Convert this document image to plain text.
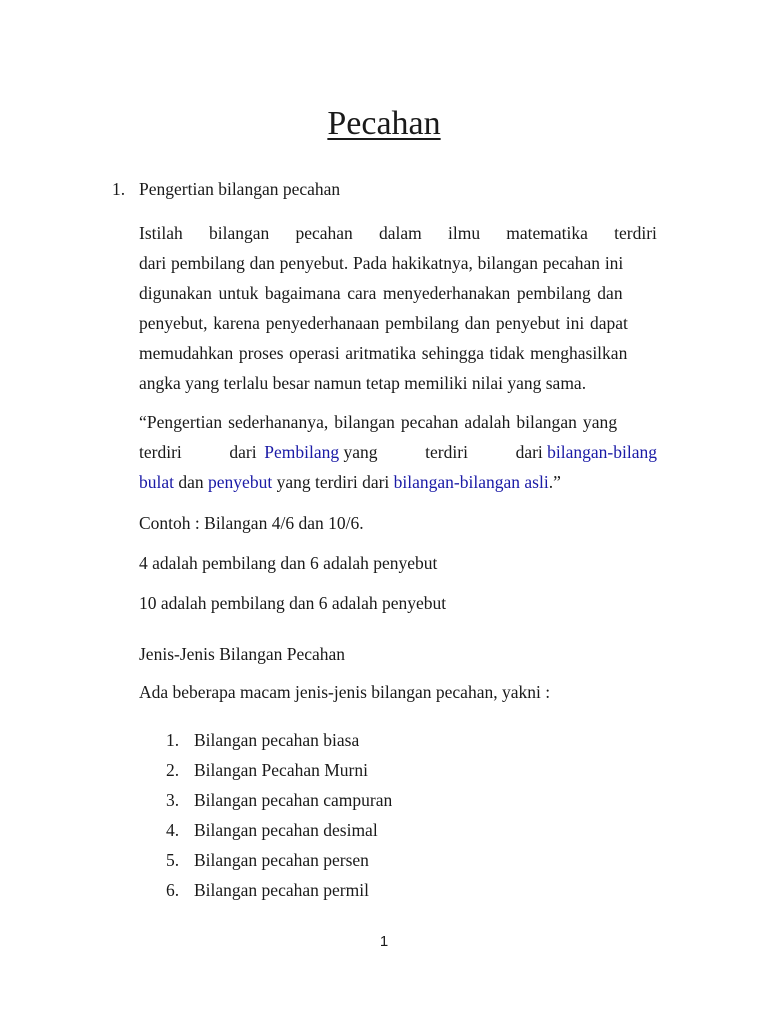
Pecahan
1. Pengertian bilangan pecahan
Istilah bilangan pecahan dalam ilmu matematika terdiri
dari pembilang dan penyebut. Pada hakikatnya, bilangan pecahan ini
digunakan untuk bagaimana cara menyederhanakan pembilang dan
penyebut, karena penyederhanaan pembilang dan penyebut ini dapat
memudahkan proses operasi aritmatika sehingga tidak menghasilkan
angka yang terlalu besar namun tetap memiliki nilai yang sama.
“Pengertian sederhananya, bilangan pecahan adalah bilangan yang
terdiri	dari Pembilang yang	terdiri	dari bilangan-bilang
bulat dan penyebut yang terdiri dari bilangan-bilangan asli.”
Contoh : Bilangan 4/6 dan 10/6.
4 adalah pembilang dan 6 adalah penyebut
10 adalah pembilang dan 6 adalah penyebut
Jenis-Jenis Bilangan Pecahan
Ada beberapa macam jenis-jenis bilangan pecahan, yakni :
1. Bilangan pecahan biasa
2. Bilangan Pecahan Murni
3. Bilangan pecahan campuran
4. Bilangan pecahan desimal
5. Bilangan pecahan persen
6. Bilangan pecahan permil
1
